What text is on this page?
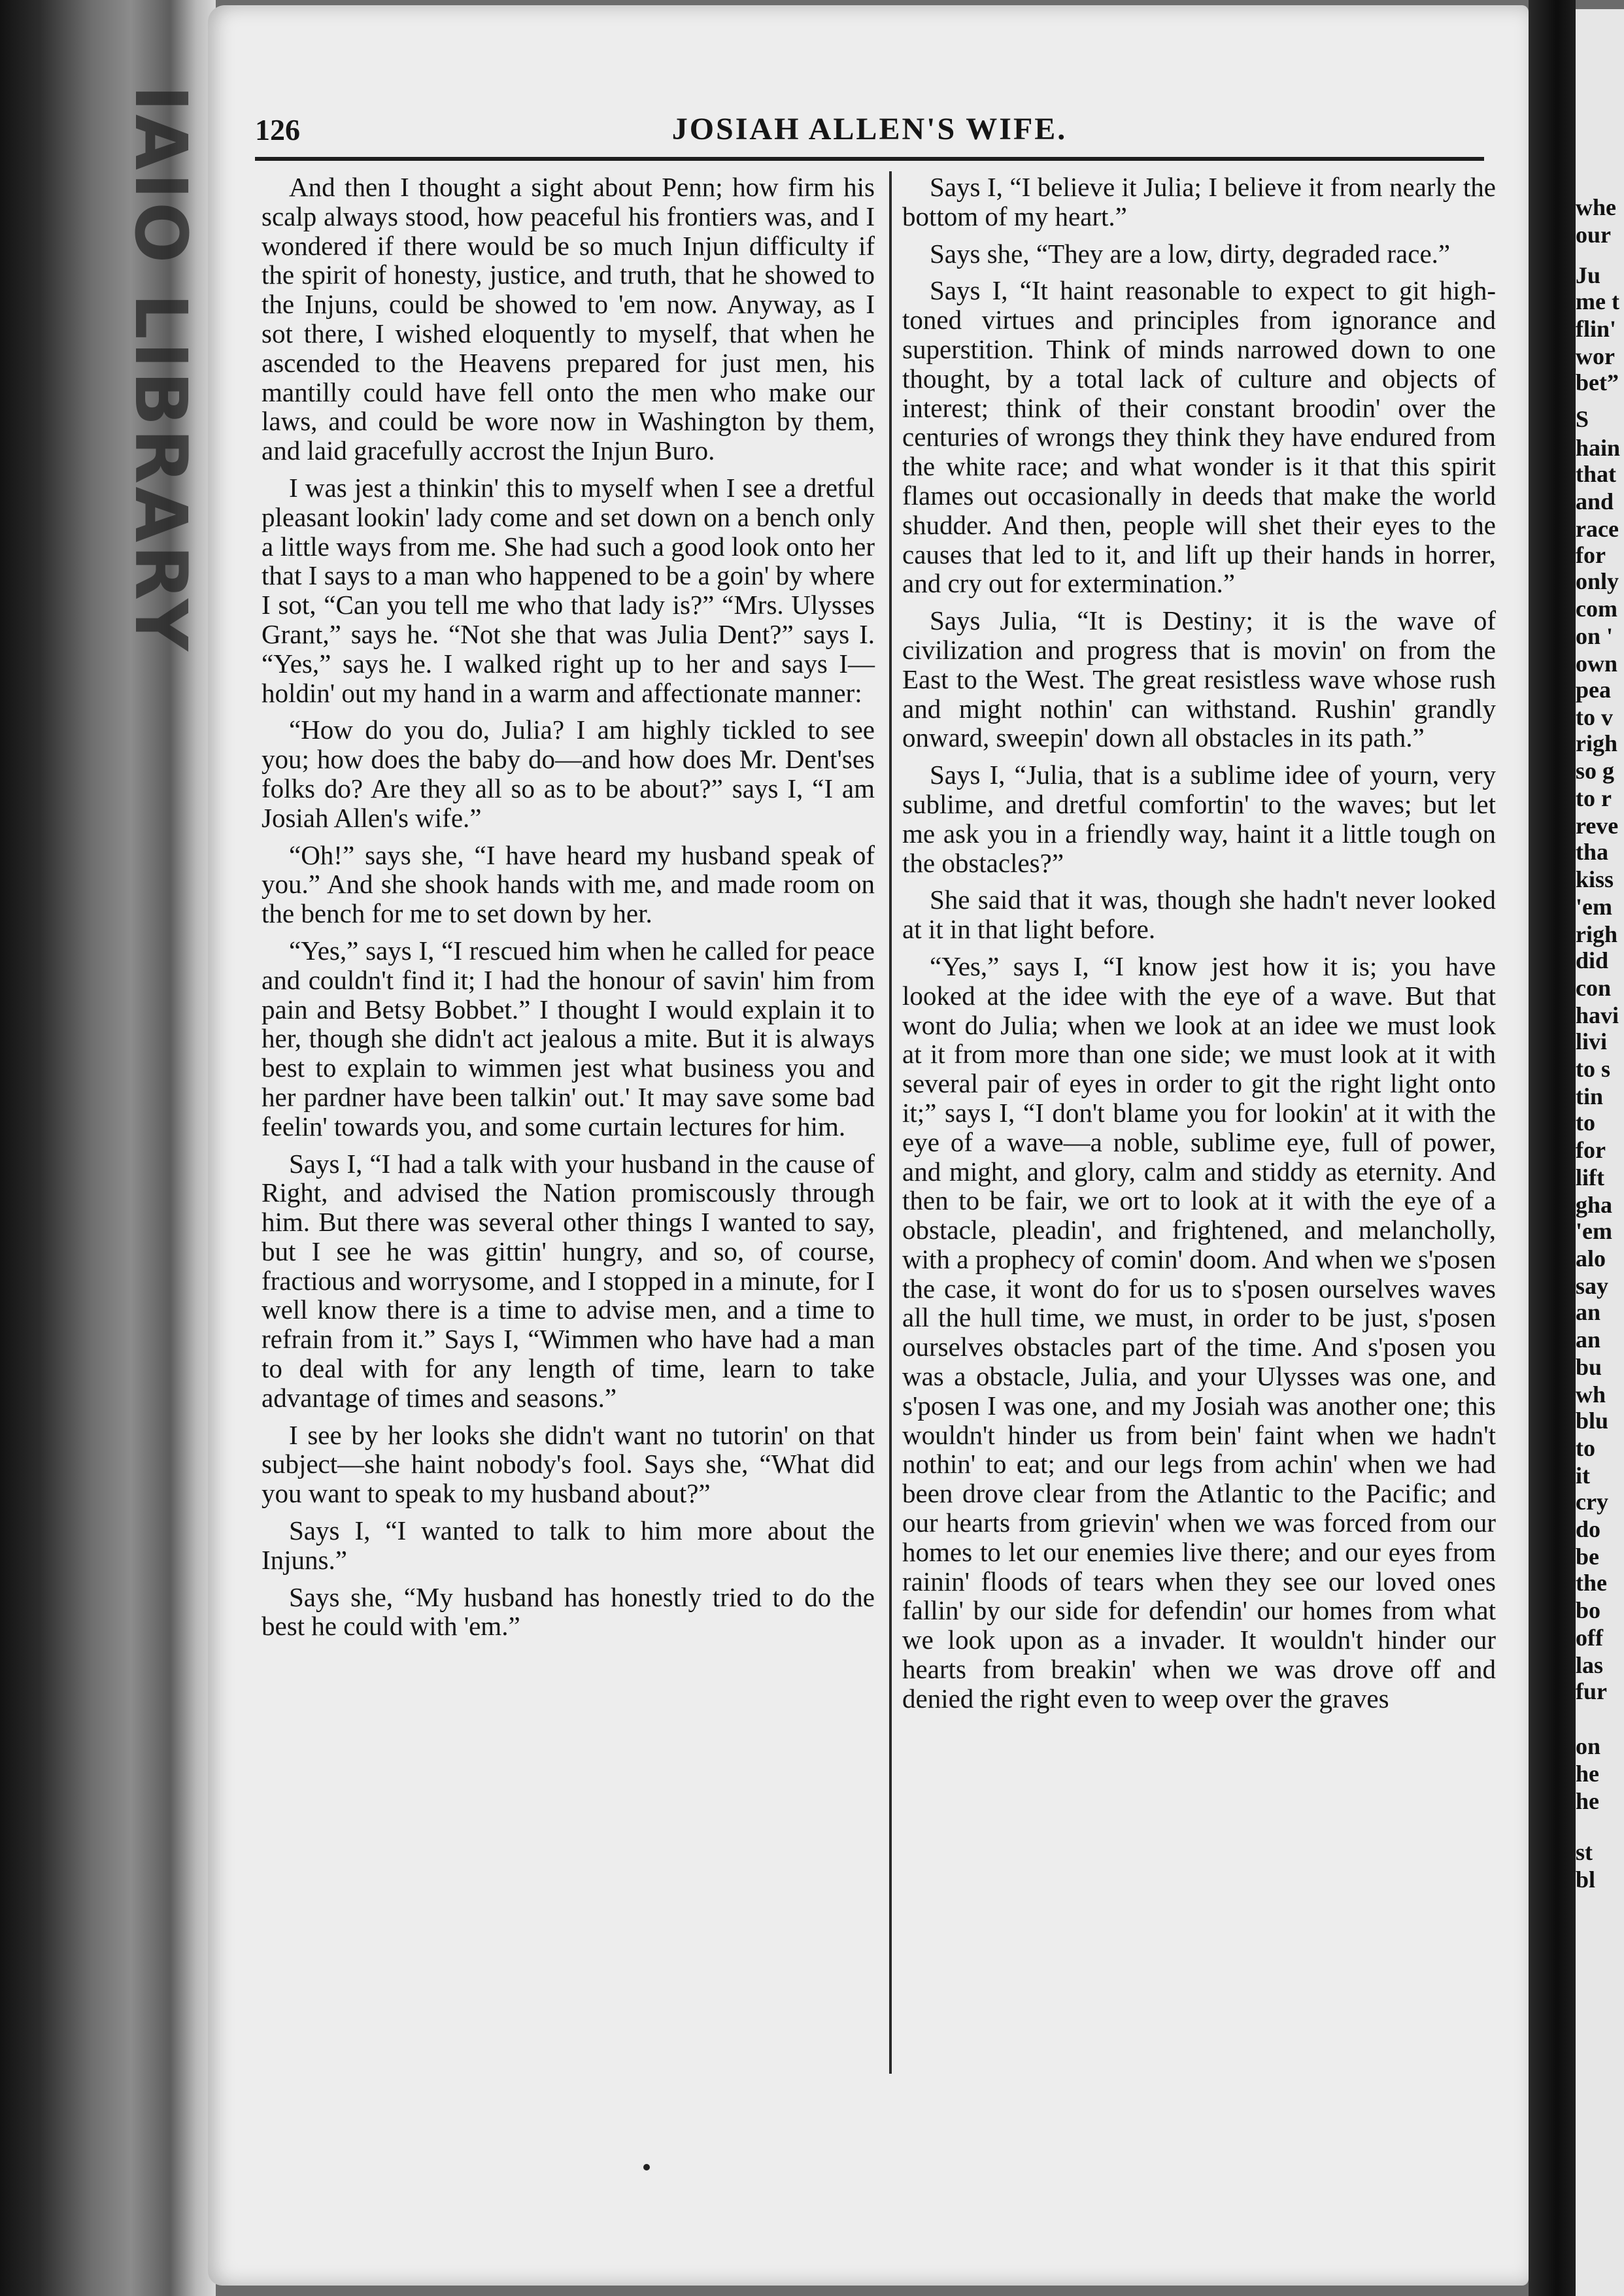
IAIO LIBRARY	whe
our
Ju
me t
flin'
wor
bet”
S
hain
that
and
race
for
only
com
on '
own
pea
to v
righ
so g
to r
reve
tha
kiss
'em
righ
did
con
havi
livi
to s
tin
to
for
lift
gha
'em
alo
say
an
an
bu
wh
blu
to
it
cry
do
be
the
bo
off
las
fur
on
he
he
st
bl
126	JOSIAH ALLEN'S WIFE.

And then I thought a sight about Penn; how firm his scalp always stood, how peaceful his frontiers was, and I wondered if there would be so much Injun difficulty if the spirit of honesty, justice, and truth, that he showed to the Injuns, could be showed to 'em now. Anyway, as I sot there, I wished eloquently to myself, that when he ascended to the Heavens prepared for just men, his mantilly could have fell onto the men who make our laws, and could be wore now in Washington by them, and laid gracefully accrost the Injun Buro.

I was jest a thinkin' this to myself when I see a dretful pleasant lookin' lady come and set down on a bench only a little ways from me. She had such a good look onto her that I says to a man who happened to be a goin' by where I sot, “Can you tell me who that lady is?” “Mrs. Ulysses Grant,” says he. “Not she that was Julia Dent?” says I. “Yes,” says he. I walked right up to her and says I—holdin' out my hand in a warm and affectionate manner:

“How do you do, Julia? I am highly tickled to see you; how does the baby do—and how does Mr. Dent'ses folks do? Are they all so as to be about?” says I, “I am Josiah Allen's wife.”

“Oh!” says she, “I have heard my husband speak of you.” And she shook hands with me, and made room on the bench for me to set down by her.

“Yes,” says I, “I rescued him when he called for peace and couldn't find it; I had the honour of savin' him from pain and Betsy Bobbet.” I thought I would explain it to her, though she didn't act jealous a mite. But it is always best to explain to wimmen jest what business you and her pardner have been talkin' out.' It may save some bad feelin' towards you, and some curtain lectures for him.

Says I, “I had a talk with your husband in the cause of Right, and advised the Nation promiscously through him. But there was several other things I wanted to say, but I see he was gittin' hungry, and so, of course, fractious and worrysome, and I stopped in a minute, for I well know there is a time to advise men, and a time to refrain from it.” Says I, “Wimmen who have had a man to deal with for any length of time, learn to take advantage of times and seasons.”

I see by her looks she didn't want no tutorin' on that subject—she haint nobody's fool. Says she, “What did you want to speak to my husband about?”

Says I, “I wanted to talk to him more about the Injuns.”

Says she, “My husband has honestly tried to do the best he could with 'em.”

Says I, “I believe it Julia; I believe it from nearly the bottom of my heart.”

Says she, “They are a low, dirty, degraded race.”

Says I, “It haint reasonable to expect to git high-toned virtues and principles from ignorance and superstition. Think of minds narrowed down to one thought, by a total lack of culture and objects of interest; think of their constant broodin' over the centuries of wrongs they think they have endured from the white race; and what wonder is it that this spirit flames out occasionally in deeds that make the world shudder. And then, people will shet their eyes to the causes that led to it, and lift up their hands in horrer, and cry out for extermination.”

Says Julia, “It is Destiny; it is the wave of civilization and progress that is movin' on from the East to the West. The great resistless wave whose rush and might nothin' can withstand. Rushin' grandly onward, sweepin' down all obstacles in its path.”

Says I, “Julia, that is a sublime idee of yourn, very sublime, and dretful comfortin' to the waves; but let me ask you in a friendly way, haint it a little tough on the obstacles?”

She said that it was, though she hadn't never looked at it in that light before.

“Yes,” says I, “I know jest how it is; you have looked at the idee with the eye of a wave. But that wont do Julia; when we look at an idee we must look at it from more than one side; we must look at it with several pair of eyes in order to git the right light onto it;” says I, “I don't blame you for lookin' at it with the eye of a wave—a noble, sublime eye, full of power, and might, and glory, calm and stiddy as eternity. And then to be fair, we ort to look at it with the eye of a obstacle, pleadin', and frightened, and melancholly, with a prophecy of comin' doom. And when we s'posen the case, it wont do for us to s'posen ourselves waves all the hull time, we must, in order to be just, s'posen ourselves obstacles part of the time. And s'posen you was a obstacle, Julia, and your Ulysses was one, and s'posen I was one, and my Josiah was another one; this wouldn't hinder us from bein' faint when we hadn't nothin' to eat; and our legs from achin' when we had been drove clear from the Atlantic to the Pacific; and our hearts from grievin' when we was forced from our homes to let our enemies live there; and our eyes from rainin' floods of tears when they see our loved ones fallin' by our side for defendin' our homes from what we look upon as a invader. It wouldn't hinder our hearts from breakin' when we was drove off and denied the right even to weep over the graves
